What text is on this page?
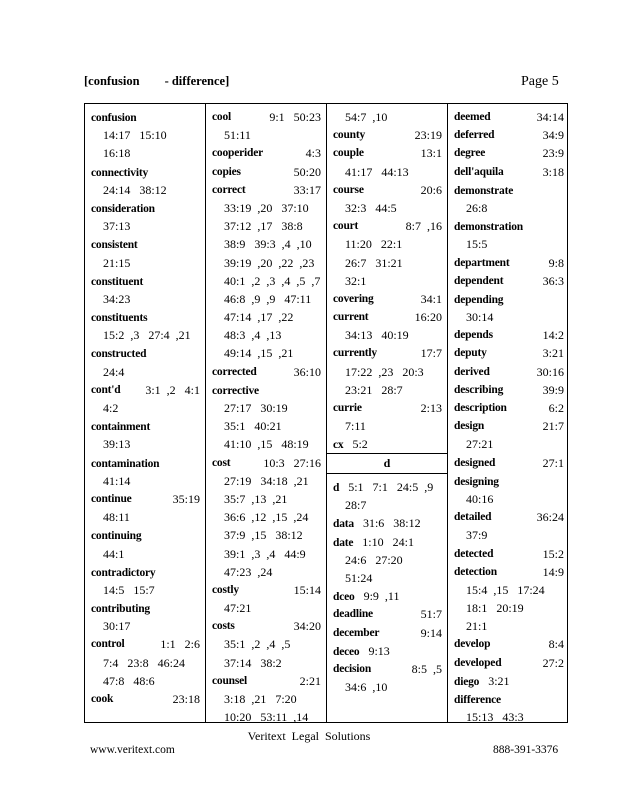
[confusion        - difference]	Page 5
confusion
14:17   15:10
16:18
connectivity
24:14   38:12
consideration
37:13
consistent
21:15
constituent
34:23
constituents
15:2  ,3   27:4  ,21
constructed
24:4
cont'd 3:1  ,2   4:1
4:2
containment
39:13
contamination
41:14
continue	35:19
48:11
continuing
44:1
contradictory
14:5   15:7
contributing
30:17
control	1:1   2:6
7:4   23:8   46:24
47:8   48:6
cook	23:18
cool	9:1   50:23
51:11
cooperider	4:3
copies	50:20
correct	33:17
33:19  ,20   37:10
37:12  ,17   38:8
38:9   39:3  ,4  ,10
39:19  ,20  ,22  ,23
40:1  ,2  ,3  ,4  ,5  ,7
46:8  ,9  ,9   47:11
47:14  ,17  ,22
48:3  ,4  ,13
49:14  ,15  ,21
corrected	36:10
corrective
27:17   30:19
35:1   40:21
41:10  ,15   48:19
cost	10:3   27:16
27:19   34:18  ,21
35:7  ,13  ,21
36:6  ,12  ,15  ,24
37:9  ,15   38:12
39:1  ,3  ,4   44:9
47:23  ,24
costly	15:14
47:21
costs	34:20
35:1  ,2  ,4  ,5
37:14   38:2
counsel	2:21
3:18  ,21   7:20
10:20   53:11  ,14
54:7  ,10
county	23:19
couple	13:1
41:17   44:13
course	20:6
32:3   44:5
court	8:7  ,16
11:20   22:1
26:7   31:21
32:1
covering	34:1
current	16:20
34:13   40:19
currently	17:7
17:22  ,23   20:3
23:21   28:7
currie	2:13
7:11
cx 5:2
d
d 5:1   7:1   24:5  ,9
28:7
data 31:6   38:12
date 1:10   24:1
24:6   27:20
51:24
dceo 9:9  ,11
deadline	51:7
december	9:14
deceo 9:13
decision	8:5  ,5
34:6  ,10
deemed	34:14
deferred	34:9
degree	23:9
dell'aquila	3:18
demonstrate
26:8
demonstration
15:5
department	9:8
dependent	36:3
depending
30:14
depends	14:2
deputy	3:21
derived	30:16
describing	39:9
description	6:2
design	21:7
27:21
designed	27:1
designing
40:16
detailed	36:24
37:9
detected	15:2
detection	14:9
15:4  ,15   17:24
18:1   20:19
21:1
develop	8:4
developed	27:2
diego 3:21
difference
15:13   43:3
Veritext Legal Solutions
www.veritext.com	888-391-3376
